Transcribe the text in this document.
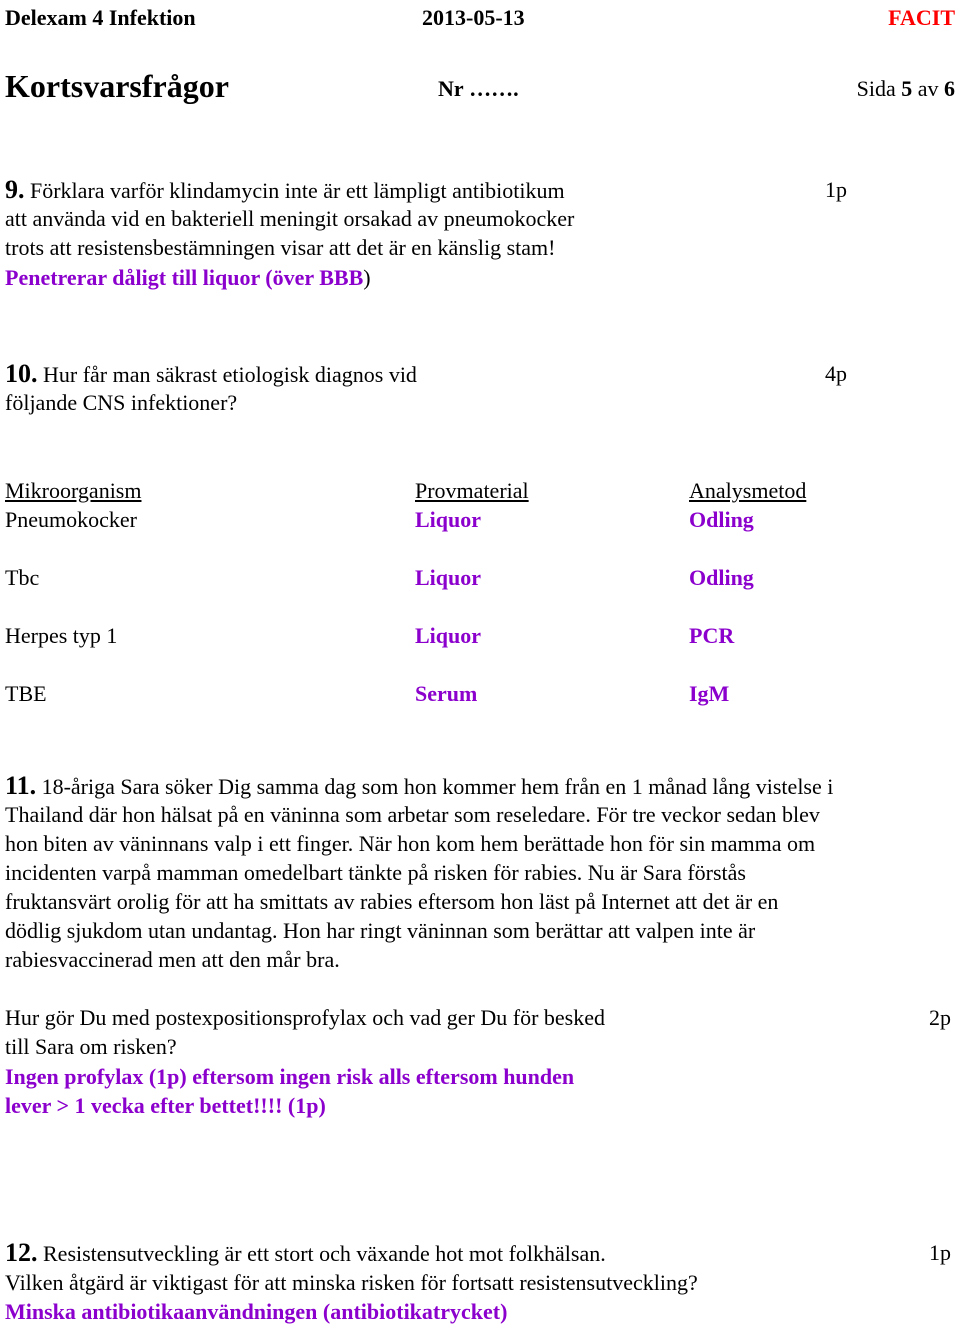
Delexam 4 Infektion	2013-05-13	FACIT
Kortsvarsfrågor	Nr …….	Sida 5 av 6
9. Förklara varför klindamycin inte är ett lämpligt antibiotikum
att använda vid en bakteriell meningit orsakad av pneumokocker
trots att resistensbestämningen visar att det är en känslig stam!
Penetrerar dåligt till liquor (över BBB)
1p
10. Hur får man säkrast etiologisk diagnos vid
följande CNS infektioner?
4p
Mikroorganism	Provmaterial	Analysmetod
Pneumokocker	Liquor	Odling
Tbc	Liquor	Odling
Herpes typ 1	Liquor	PCR
TBE	Serum	IgM
11. 18-åriga Sara söker Dig samma dag som hon kommer hem från en 1 månad lång vistelse i
Thailand där hon hälsat på en väninna som arbetar som reseledare. För tre veckor sedan blev
hon biten av väninnans valp i ett finger. När hon kom hem berättade hon för sin mamma om
incidenten varpå mamman omedelbart tänkte på risken för rabies. Nu är Sara förstås
fruktansvärt orolig för att ha smittats av rabies eftersom hon läst på Internet att det är en
dödlig sjukdom utan undantag. Hon har ringt väninnan som berättar att valpen inte är
rabiesvaccinerad men att den mår bra.
Hur gör Du med postexpositionsprofylax och vad ger Du för besked
till Sara om risken?
2p
Ingen profylax (1p) eftersom ingen risk alls eftersom hunden
lever > 1 vecka efter bettet!!!! (1p)
12. Resistensutveckling är ett stort och växande hot mot folkhälsan.
Vilken åtgärd är viktigast för att minska risken för fortsatt resistensutveckling?
1p
Minska antibiotikaanvändningen (antibiotikatrycket)
